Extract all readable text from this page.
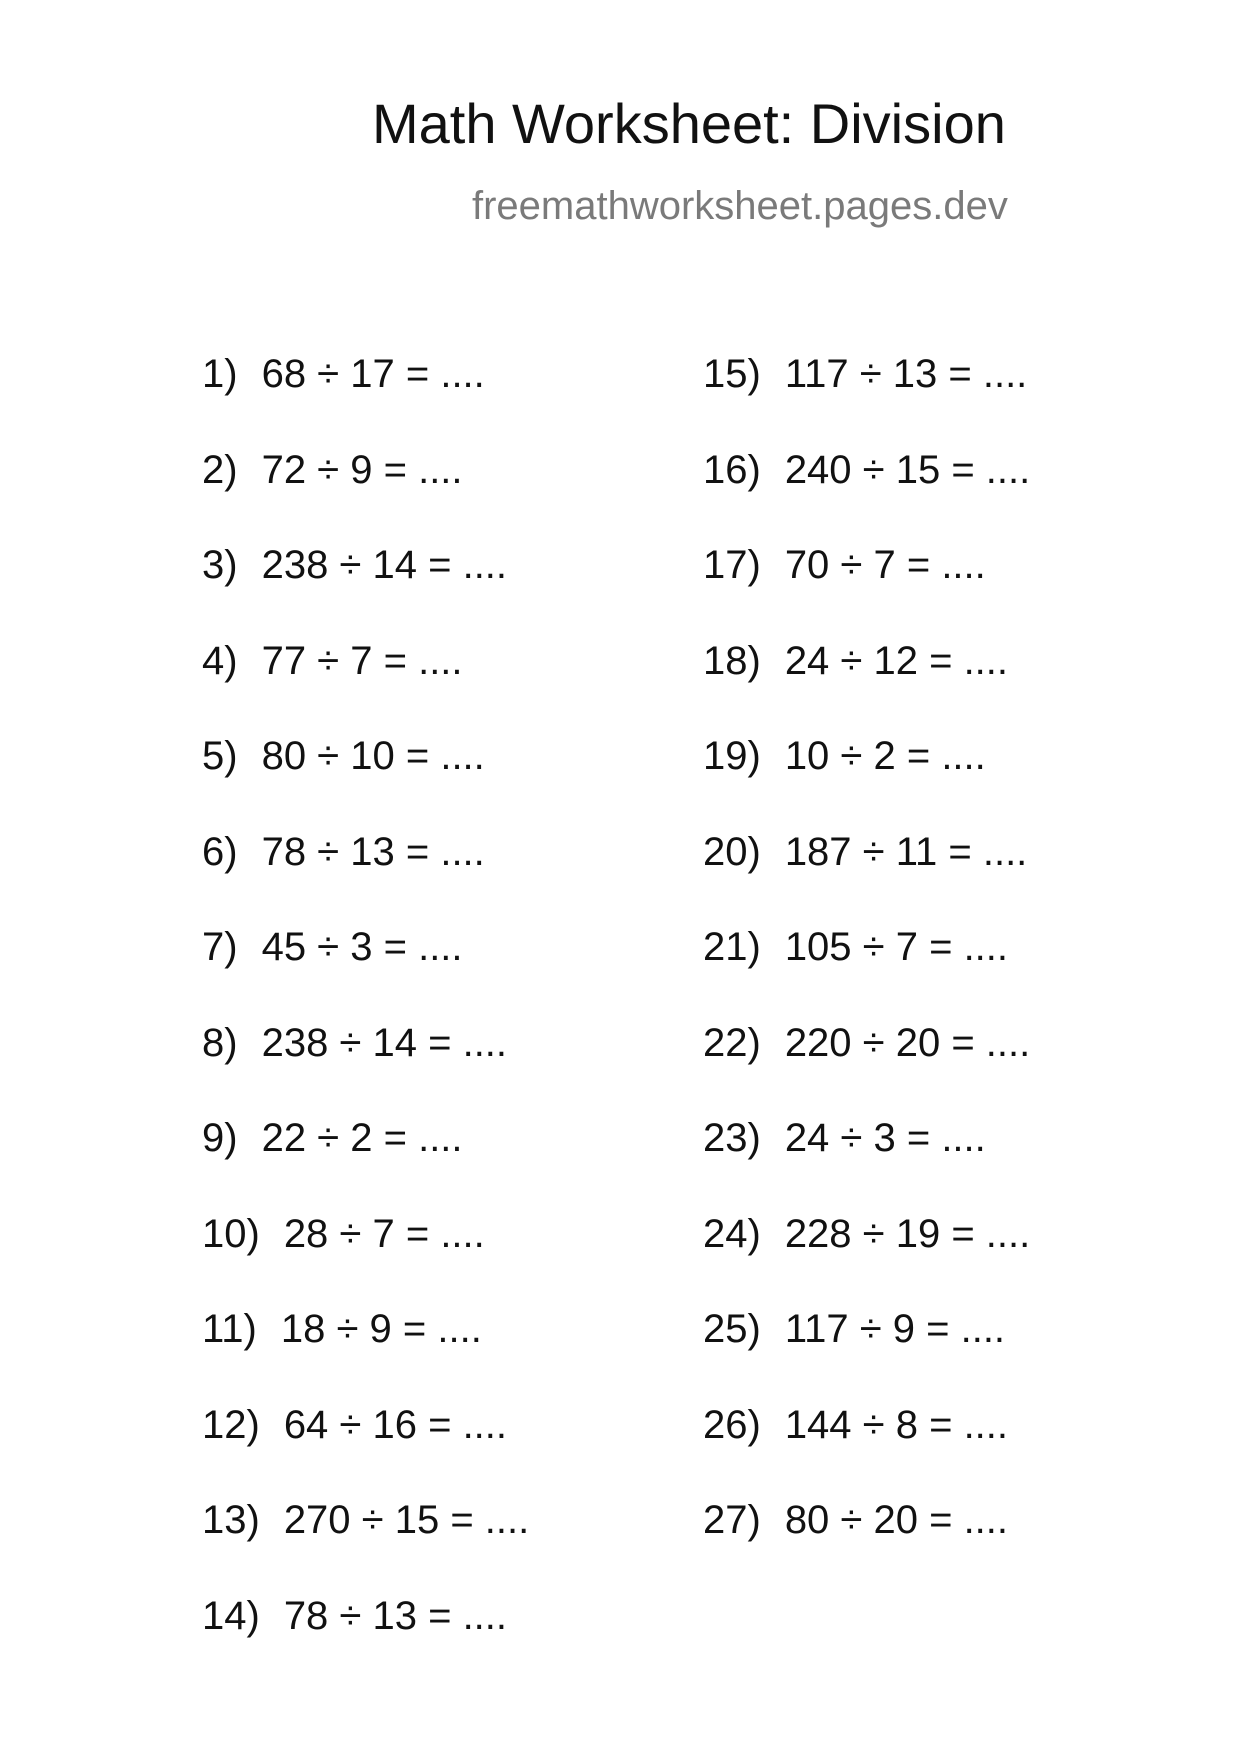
Math Worksheet: Division
freemathworksheet.pages.dev
1) 68 ÷ 17 = ....
2) 72 ÷ 9 = ....
3) 238 ÷ 14 = ....
4) 77 ÷ 7 = ....
5) 80 ÷ 10 = ....
6) 78 ÷ 13 = ....
7) 45 ÷ 3 = ....
8) 238 ÷ 14 = ....
9) 22 ÷ 2 = ....
10) 28 ÷ 7 = ....
11) 18 ÷ 9 = ....
12) 64 ÷ 16 = ....
13) 270 ÷ 15 = ....
14) 78 ÷ 13 = ....
15) 117 ÷ 13 = ....
16) 240 ÷ 15 = ....
17) 70 ÷ 7 = ....
18) 24 ÷ 12 = ....
19) 10 ÷ 2 = ....
20) 187 ÷ 11 = ....
21) 105 ÷ 7 = ....
22) 220 ÷ 20 = ....
23) 24 ÷ 3 = ....
24) 228 ÷ 19 = ....
25) 117 ÷ 9 = ....
26) 144 ÷ 8 = ....
27) 80 ÷ 20 = ....
